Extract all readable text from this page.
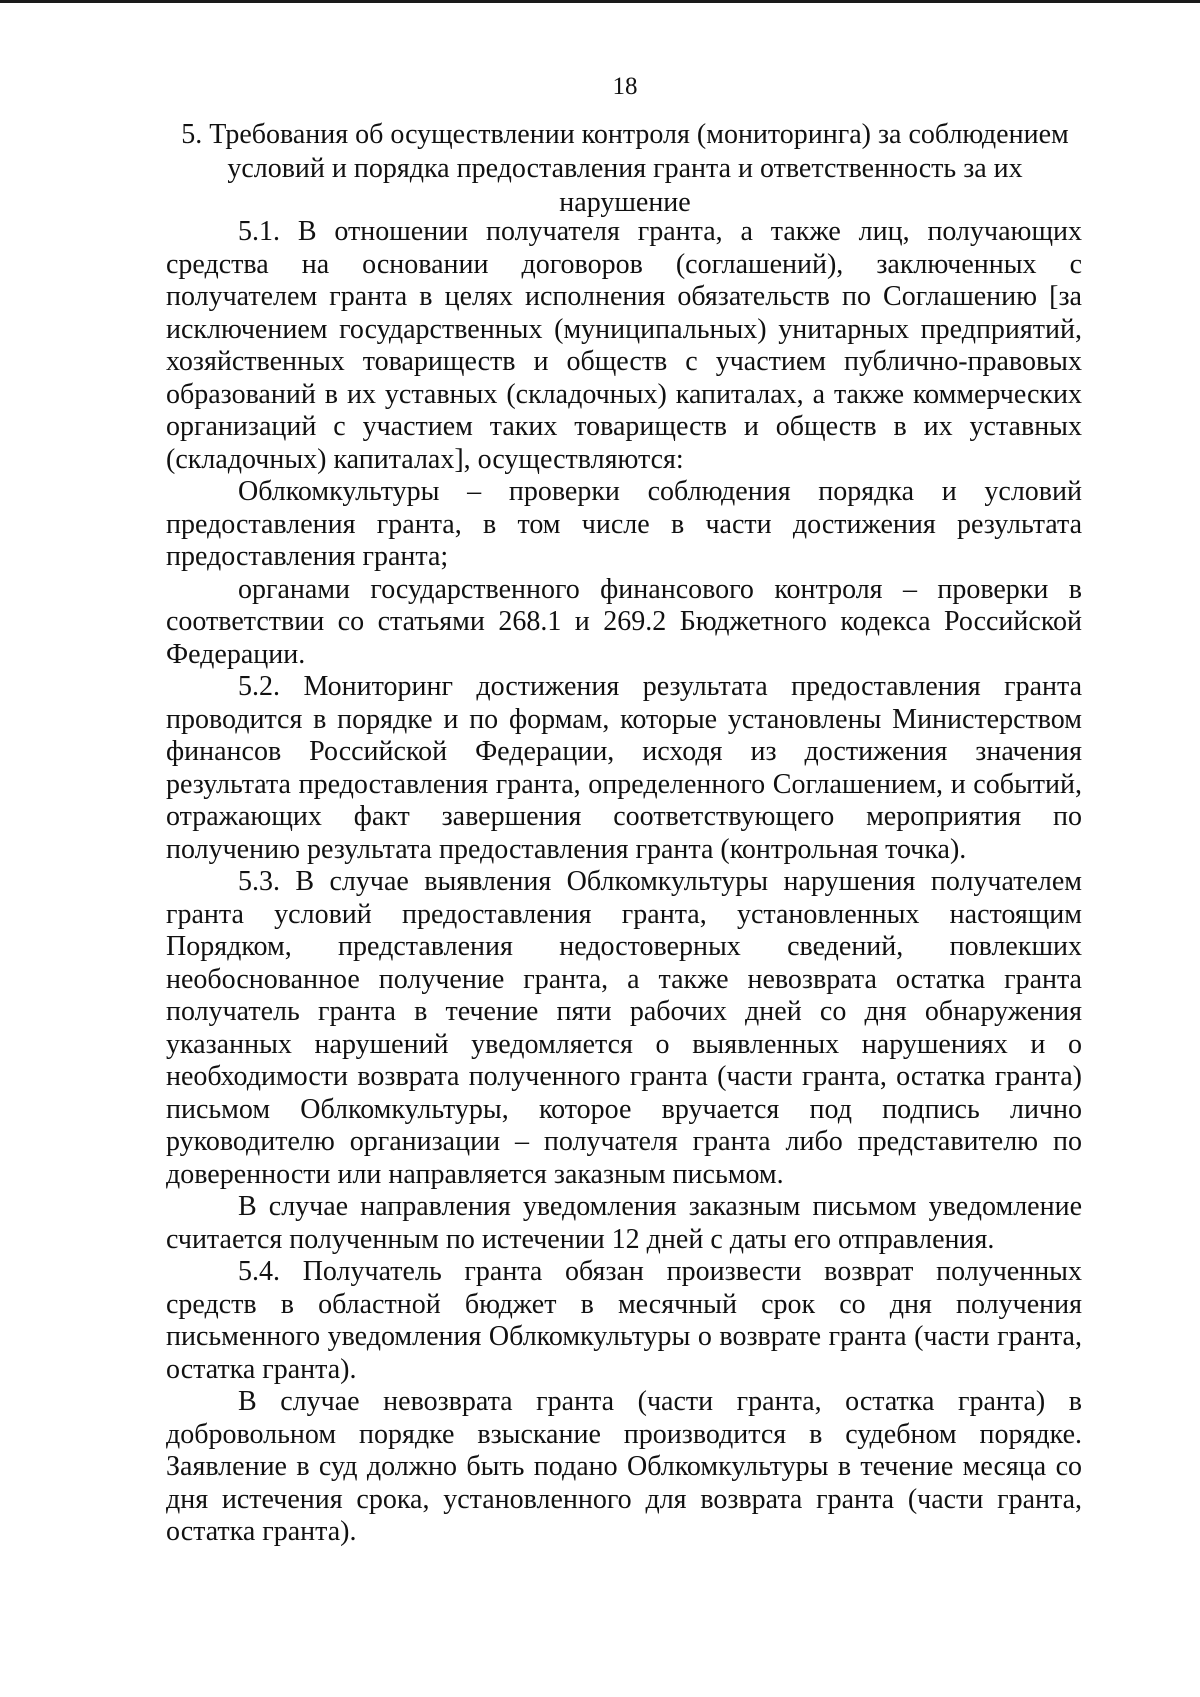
18
5. Требования об осуществлении контроля (мониторинга) за соблюдением условий и порядка предоставления гранта и ответственность за их нарушение

5.1. В отношении получателя гранта, а также лиц, получающих средства на основании договоров (соглашений), заключенных с получателем гранта в целях исполнения обязательств по Соглашению [за исключением государственных (муниципальных) унитарных предприятий, хозяйственных товариществ и обществ с участием публично-правовых образований в их уставных (складочных) капиталах, а также коммерческих организаций с участием таких товариществ и обществ в их уставных (складочных) капиталах], осуществляются:

Облкомкультуры – проверки соблюдения порядка и условий предоставления гранта, в том числе в части достижения результата предоставления гранта;

органами государственного финансового контроля – проверки в соответствии со статьями 268.1 и 269.2 Бюджетного кодекса Российской Федерации.

5.2. Мониторинг достижения результата предоставления гранта проводится в порядке и по формам, которые установлены Министерством финансов Российской Федерации, исходя из достижения значения результата предоставления гранта, определенного Соглашением, и событий, отражающих факт завершения соответствующего мероприятия по получению результата предоставления гранта (контрольная точка).

5.3. В случае выявления Облкомкультуры нарушения получателем гранта условий предоставления гранта, установленных настоящим Порядком, представления недостоверных сведений, повлекших необоснованное получение гранта, а также невозврата остатка гранта получатель гранта в течение пяти рабочих дней со дня обнаружения указанных нарушений уведомляется о выявленных нарушениях и о необходимости возврата полученного гранта (части гранта, остатка гранта) письмом Облкомкультуры, которое вручается под подпись лично руководителю организации – получателя гранта либо представителю по доверенности или направляется заказным письмом.

В случае направления уведомления заказным письмом уведомление считается полученным по истечении 12 дней с даты его отправления.

5.4. Получатель гранта обязан произвести возврат полученных средств в областной бюджет в месячный срок со дня получения письменного уведомления Облкомкультуры о возврате гранта (части гранта, остатка гранта).

В случае невозврата гранта (части гранта, остатка гранта) в добровольном порядке взыскание производится в судебном порядке. Заявление в суд должно быть подано Облкомкультуры в течение месяца со дня истечения срока, установленного для возврата гранта (части гранта, остатка гранта).
